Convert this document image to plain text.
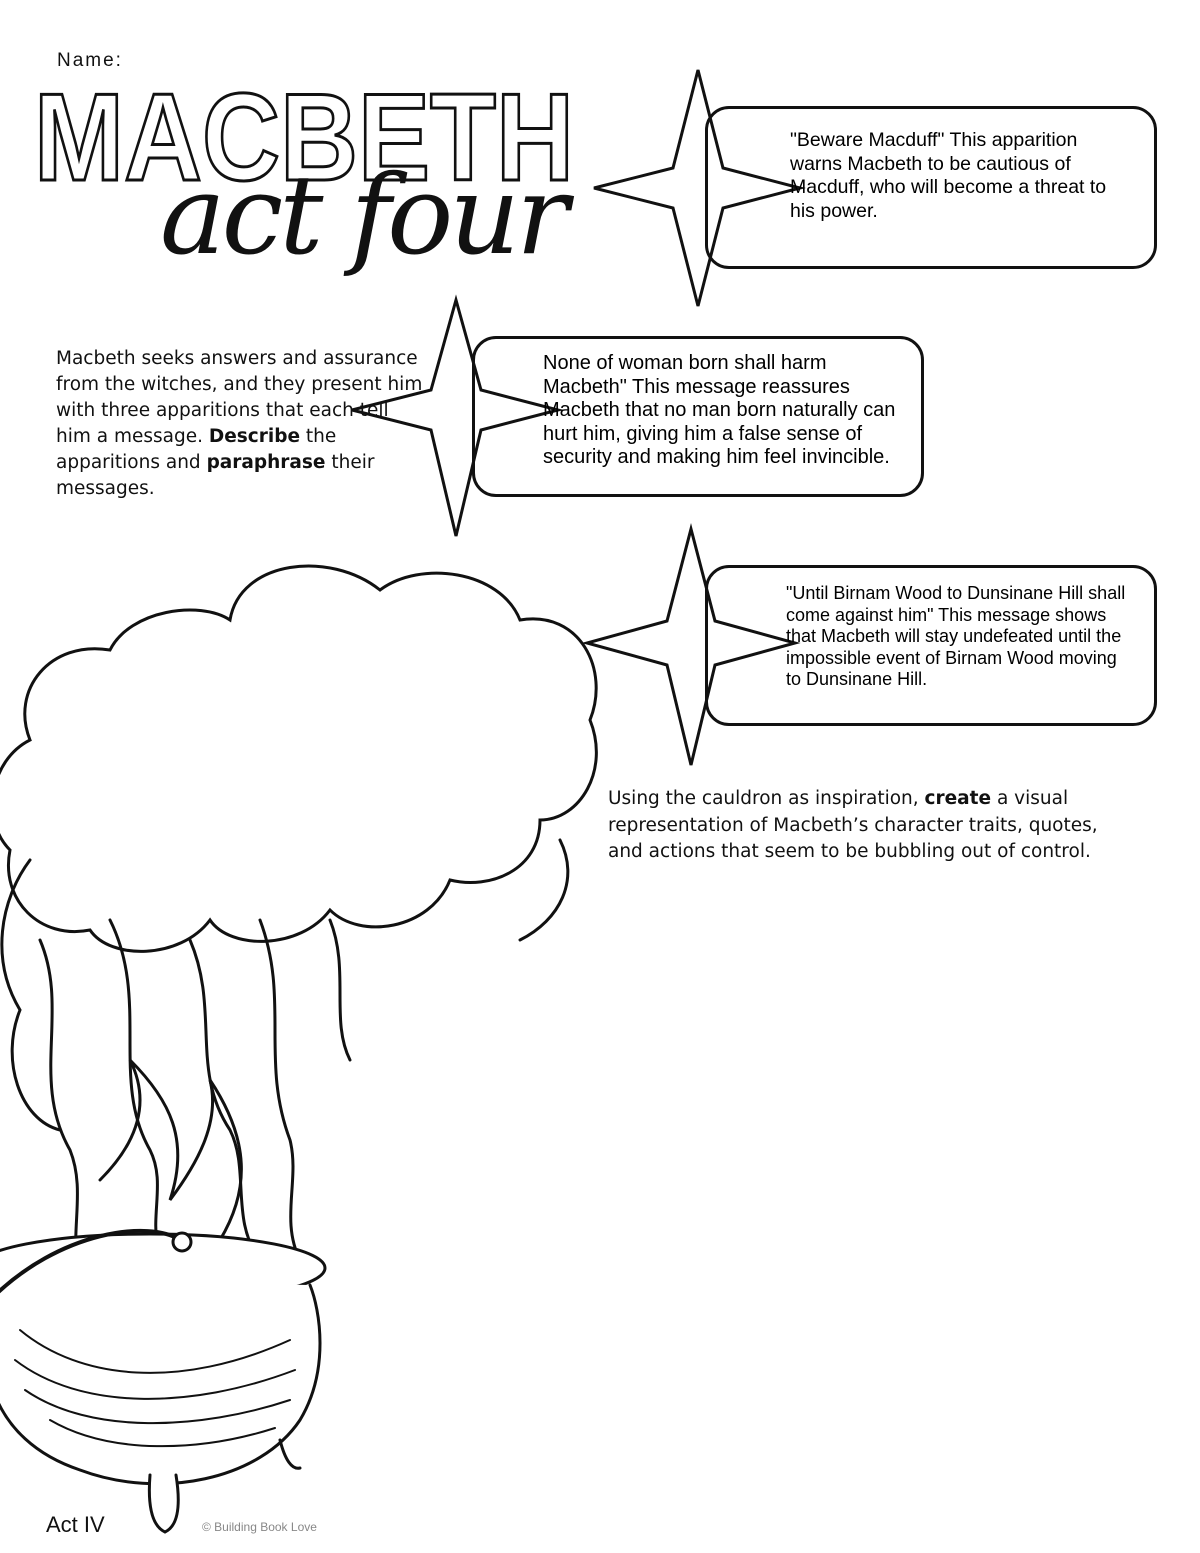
Name:
MACBETH
act four
"Beware Macduff" This apparition warns Macbeth to be cautious of Macduff, who will become a threat to his power.
None of woman born shall harm Macbeth" This message reassures Macbeth that no man born naturally can hurt him, giving him a false sense of security and making him feel invincible.
"Until Birnam Wood to Dunsinane Hill shall come against him" This message shows that Macbeth will stay undefeated until the impossible event of Birnam Wood moving to Dunsinane Hill.
Macbeth seeks answers and assurance from the witches, and they present him with three apparitions that each tell him a message. Describe the apparitions and paraphrase their messages.
Using the cauldron as inspiration, create a visual representation of Macbeth’s character traits, quotes, and actions that seem to be bubbling out of control.
Act IV	© Building Book Love
